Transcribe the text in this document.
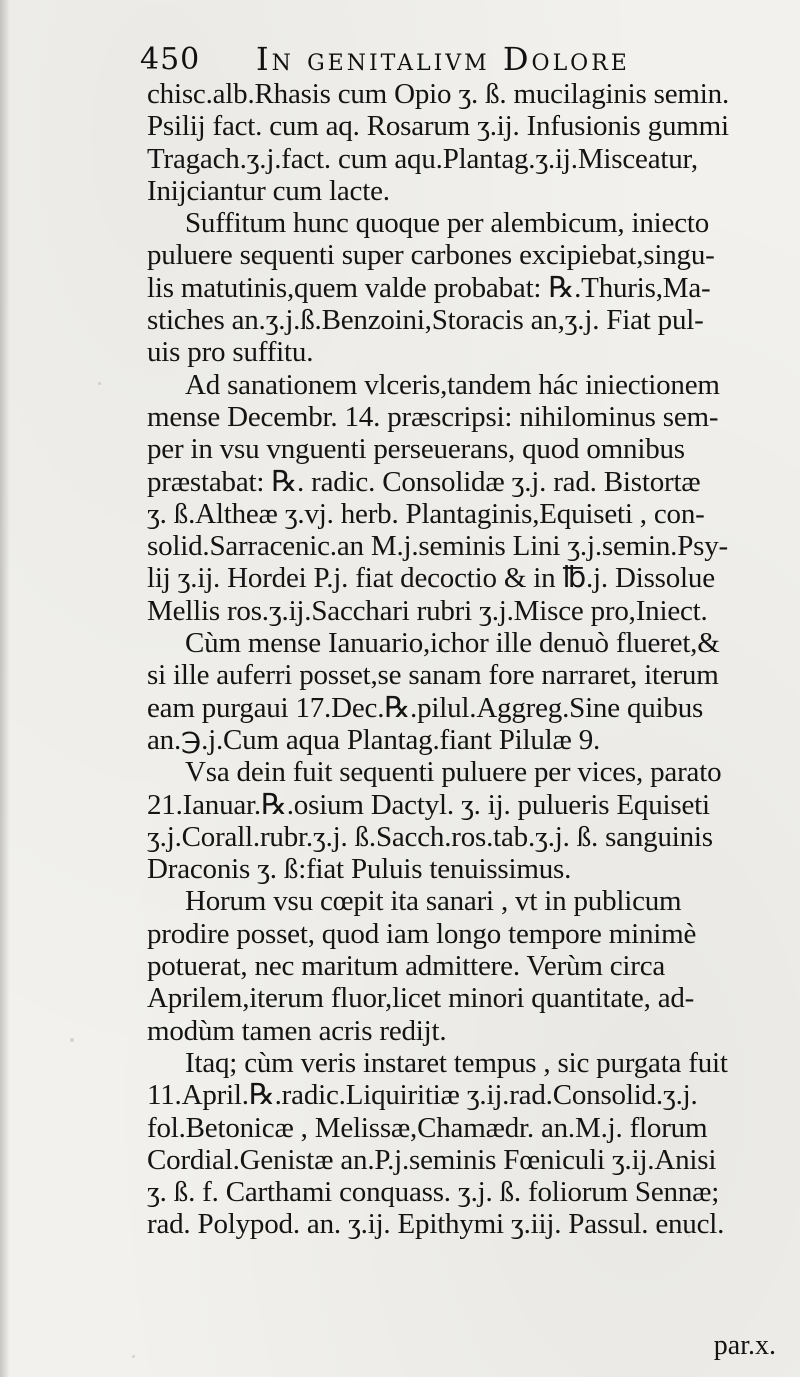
450 In genitalivm Dolore
chisc.alb.Rhasis cum Opio ʒ. ß. mucilaginis semin.
Psilij fact. cum aq. Rosarum ʒ.ij. Infusionis gummi
Tragach.ʒ.j.fact. cum aqu.Plantag.ʒ.ij.Misceatur,
Inijciantur cum lacte.
Suffitum hunc quoque per alembicum, iniecto
puluere sequenti super carbones excipiebat,singu-
lis matutinis,quem valde probabat: ℞.Thuris,Ma-
stiches an.ʒ.j.ß.Benzoini,Storacis an,ʒ.j. Fiat pul-
uis pro suffitu.
Ad sanationem vlceris,tandem hác iniectionem
mense Decembr. 14. præscripsi: nihilominus sem-
per in vsu vnguenti perseuerans, quod omnibus
præstabat: ℞. radic. Consolidæ ʒ.j. rad. Bistortæ
ʒ. ß.Altheæ ʒ.vj. herb. Plantaginis,Equiseti , con-
solid.Sarracenic.an M.j.seminis Lini ʒ.j.semin.Psy-
lij ʒ.ij. Hordei P.j. fiat decoctio & in ℔.j. Dissolue
Mellis ros.ʒ.ij.Sacchari rubri ʒ.j.Misce pro,Iniect.
Cùm mense Ianuario,ichor ille denuò flueret,&
si ille auferri posset,se sanam fore narraret, iterum
eam purgaui 17.Dec.℞.pilul.Aggreg.Sine quibus
an.℈.j.Cum aqua Plantag.fiant Pilulæ 9.
Vsa dein fuit sequenti puluere per vices, parato
21.Ianuar.℞.osium Dactyl. ʒ. ij. pulueris Equiseti
ʒ.j.Corall.rubr.ʒ.j. ß.Sacch.ros.tab.ʒ.j. ß. sanguinis
Draconis ʒ. ß:fiat Puluis tenuissimus.
Horum vsu cœpit ita sanari , vt in publicum
prodire posset, quod iam longo tempore minimè
potuerat, nec maritum admittere. Verùm circa
Aprilem,iterum fluor,licet minori quantitate, ad-
modùm tamen acris redijt.
Itaq; cùm veris instaret tempus , sic purgata fuit
11.April.℞.radic.Liquiritiæ ʒ.ij.rad.Consolid.ʒ.j.
fol.Betonicæ , Melissæ,Chamædr. an.M.j. florum
Cordial.Genistæ an.P.j.seminis Fœniculi ʒ.ij.Anisi
ʒ. ß. f. Carthami conquass. ʒ.j. ß. foliorum Sennæ;
rad. Polypod. an. ʒ.ij. Epithymi ʒ.iij. Passul. enucl.
par.x.
